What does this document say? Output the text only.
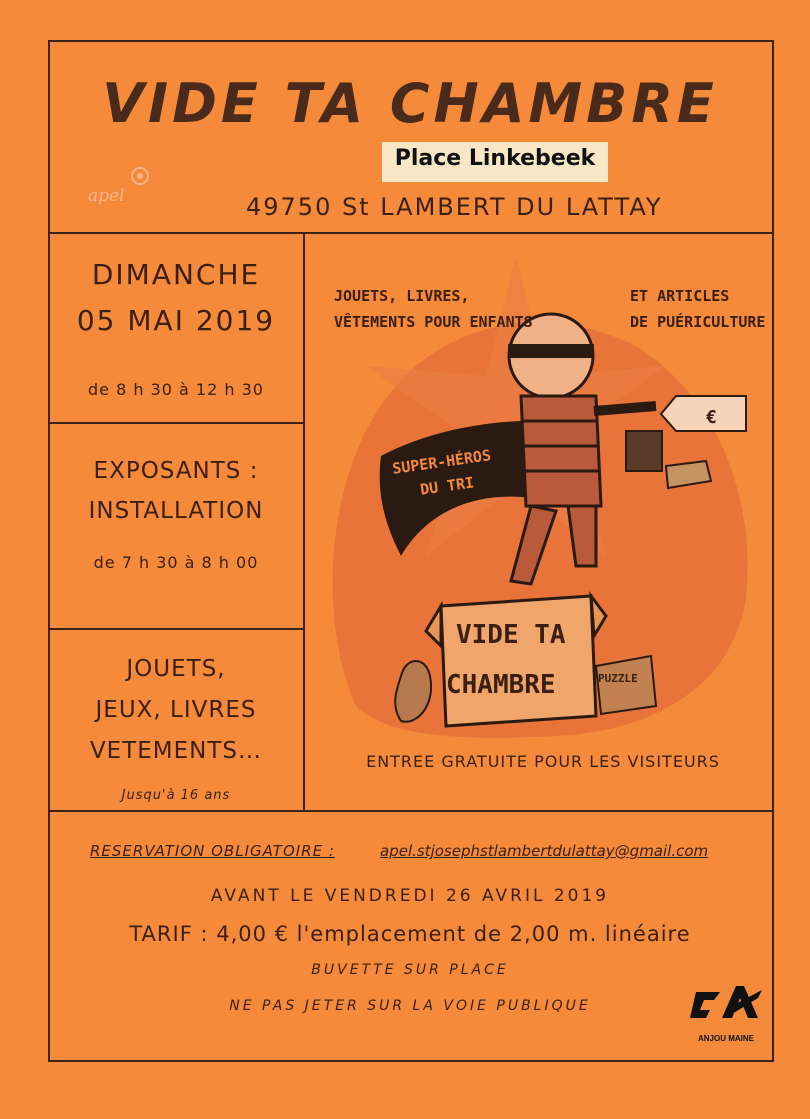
VIDE TA CHAMBRE
Place Linkebeek
49750 St LAMBERT DU LATTAY
apel
DIMANCHE
05 MAI 2019
de 8 h 30 à 12 h 30
EXPOSANTS :
INSTALLATION
de 7 h 30 à 8 h 00
JOUETS,
JEUX, LIVRES
VETEMENTS…
Jusqu'à 16 ans
JOUETS, LIVRES,
VÊTEMENTS POUR ENFANTS
ET ARTICLES
DE PUÉRICULTURE
SUPER-HÉROS
DU TRI
VIDE TA
CHAMBRE
€
PUZZLE
ENTREE GRATUITE POUR LES VISITEURS
RESERVATION OBLIGATOIRE :	apel.stjosephstlambertdulattay@gmail.com
AVANT LE VENDREDI 26 AVRIL 2019
TARIF : 4,00 € l'emplacement de 2,00 m. linéaire
BUVETTE SUR PLACE
NE PAS JETER SUR LA VOIE PUBLIQUE
ANJOU MAINE
